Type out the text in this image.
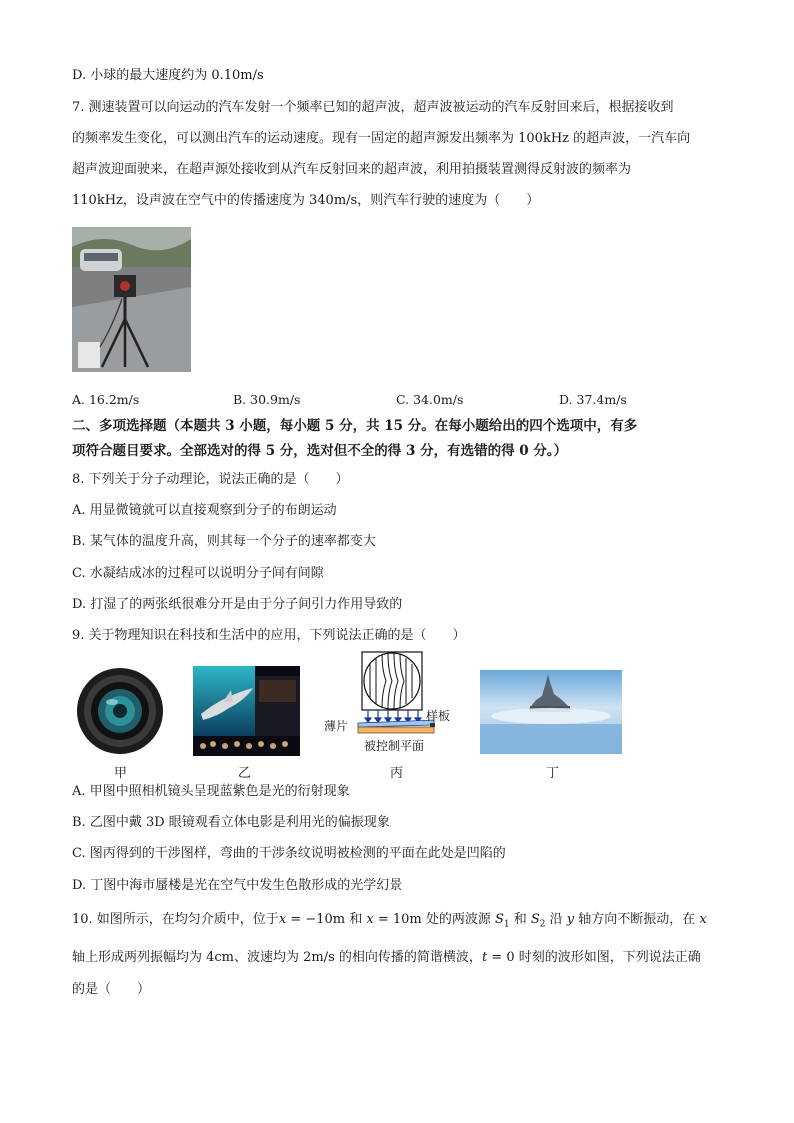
D. 小球的最大速度约为 0.10m/s
7. 测速装置可以向运动的汽车发射一个频率已知的超声波，超声波被运动的汽车反射回来后，根据接收到
的频率发生变化，可以测出汽车的运动速度。现有一固定的超声源发出频率为 100kHz 的超声波，一汽车向
超声波迎面驶来，在超声源处接收到从汽车反射回来的超声波，利用拍摄装置测得反射波的频率为
110kHz，设声波在空气中的传播速度为 340m/s，则汽车行驶的速度为（　　）
A. 16.2m/s	B. 30.9m/s	C. 34.0m/s	D. 37.4m/s
二、多项选择题（本题共 3 小题，每小题 5 分，共 15 分。在每小题给出的四个选项中，有多
项符合题目要求。全部选对的得 5 分，选对但不全的得 3 分，有选错的得 0 分。）
8. 下列关于分子动理论，说法正确的是（　　）
A. 用显微镜就可以直接观察到分子的布朗运动
B. 某气体的温度升高，则其每一个分子的速率都变大
C. 水凝结成冰的过程可以说明分子间有间隙
D. 打湿了的两张纸很难分开是由于分子间引力作用导致的
9. 关于物理知识在科技和生活中的应用，下列说法正确的是（　　）
薄片
样板
被控制平面
甲	乙	丙	丁
A. 甲图中照相机镜头呈现蓝紫色是光的衍射现象
B. 乙图中戴 3D 眼镜观看立体电影是利用光的偏振现象
C. 图丙得到的干涉图样，弯曲的干涉条纹说明被检测的平面在此处是凹陷的
D. 丁图中海市蜃楼是光在空气中发生色散形成的光学幻景
10. 如图所示，在均匀介质中，位于x = −10m 和 x = 10m 处的两波源 $S_1$ 和 $S_2$ 沿 y 轴方向不断振动，在 x
轴上形成两列振幅均为 4cm、波速均为 2m/s 的相向传播的简谐横波，t = 0 时刻的波形如图，下列说法正确
的是（　　）
